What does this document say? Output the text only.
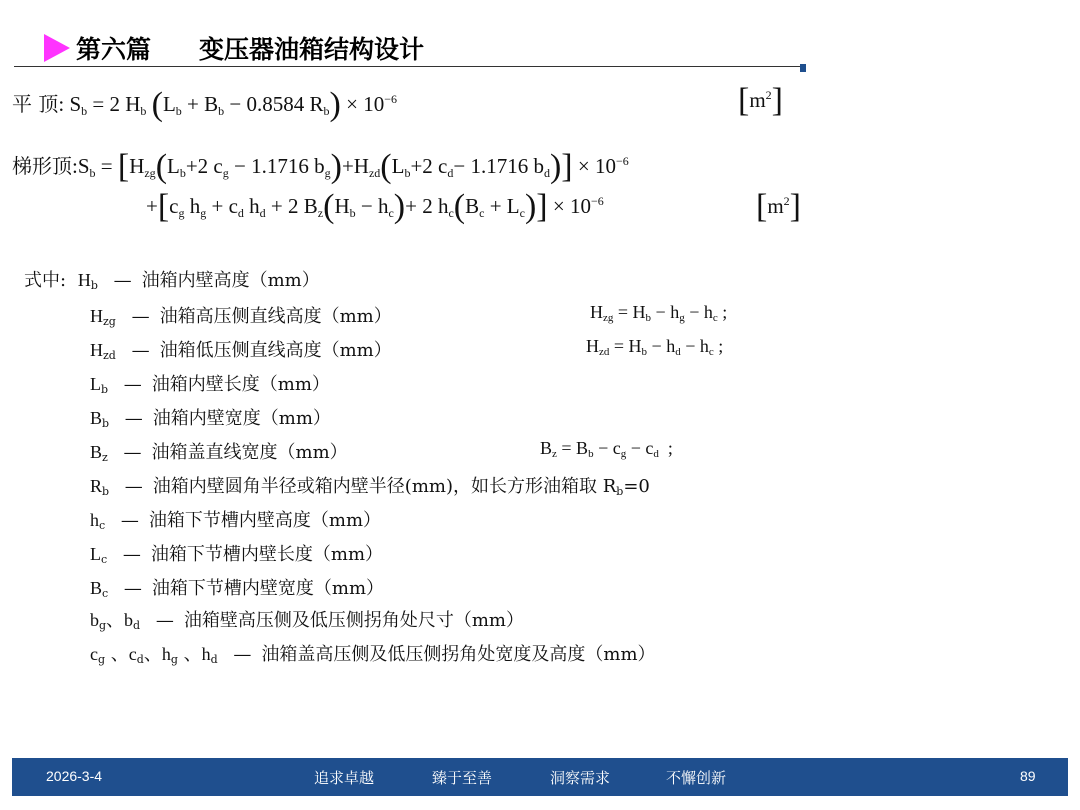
第六篇 变压器油箱结构设计
平 顶: $S_b = 2$ $H_b$ ($L_b + B_b - 0.8584$ $R_b) \times 10^{-6}$	$[m^2]$
梯形顶$:S_b = [H_{zg}(L_b+2$ $c_g - 1.1716$ $b_g)+H_{zd}(L_b+2$ $c_d- 1.1716$ $b_d)] \times 10^{-6}$
$+[c_g$ $h_g + c_d$ $h_d + 2$ $B_z(H_b - h_c)+ 2$ $h_c(B_c + L_c)] \times 10^{-6}$	$[m^2]$
式中: $H_b$ — 油箱内壁高度（mm）
$H_{zg}$ — 油箱高压侧直线高度（mm）	$H_{zg} = H_b - h_g - h_c$ ;
$H_{zd}$ — 油箱低压侧直线高度（mm）	$H_{zd} = H_b - h_d - h_c$ ;
$L_b$ — 油箱内壁长度（mm）
$B_b$ — 油箱内壁宽度（mm）
$B_z$ — 油箱盖直线宽度（mm）	$B_z = B_b - c_g - c_d$  ;
$R_b$ — 油箱内壁圆角半径或箱内壁半径(mm)，如长方形油箱取 $R_b=0$
$h_c$ — 油箱下节槽内壁高度（mm）
$L_c$ — 油箱下节槽内壁长度（mm）
$B_c$ — 油箱下节槽内壁宽度（mm）
$b_g$、$b_d$ — 油箱壁高压侧及低压侧拐角处尺寸（mm）
$c_g$ 、$c_d$、$h_g$ 、$h_d$ — 油箱盖高压侧及低压侧拐角处宽度及高度（mm）
2026-3-4	追求卓越	臻于至善	洞察需求	不懈创新	89
